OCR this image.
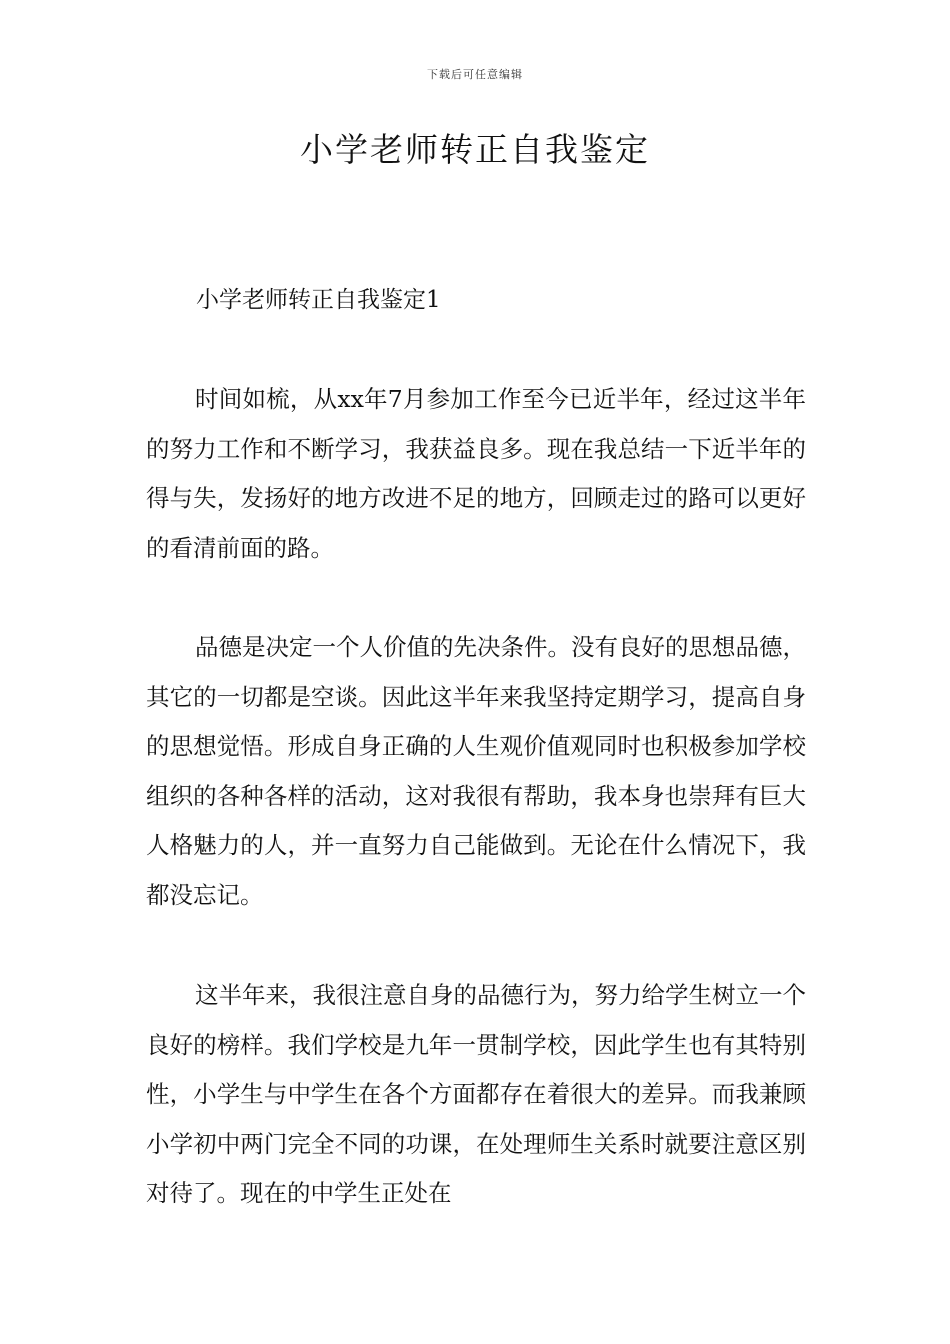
下载后可任意编辑
小学老师转正自我鉴定
小学老师转正自我鉴定1

时间如梳，从xx年7月参加工作至今已近半年，经过这半年的努力工作和不断学习，我获益良多。现在我总结一下近半年的得与失，发扬好的地方改进不足的地方，回顾走过的路可以更好的看清前面的路。

品德是决定一个人价值的先决条件。没有良好的思想品德，其它的一切都是空谈。因此这半年来我坚持定期学习，提高自身的思想觉悟。形成自身正确的人生观价值观同时也积极参加学校组织的各种各样的活动，这对我很有帮助，我本身也崇拜有巨大人格魅力的人，并一直努力自己能做到。无论在什么情况下，我都没忘记。

这半年来，我很注意自身的品德行为，努力给学生树立一个良好的榜样。我们学校是九年一贯制学校，因此学生也有其特别性，小学生与中学生在各个方面都存在着很大的差异。而我兼顾小学初中两门完全不同的功课，在处理师生关系时就要注意区别对待了。现在的中学生正处在
